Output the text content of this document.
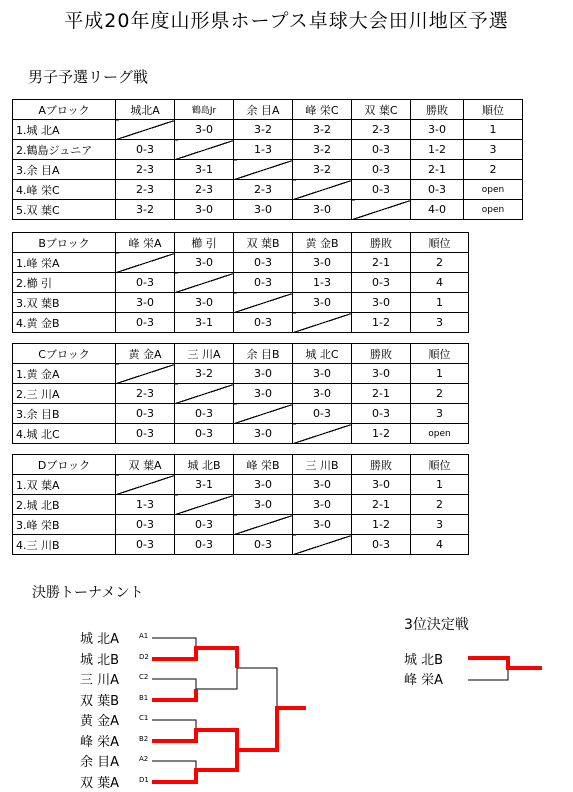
平成20年度山形県ホープス卓球大会田川地区予選
男子予選リーグ戦
Aブロック	城北A	鶴島Jr	余 目A	峰 栄C	双 葉C	勝敗	順位
1.城 北A		3-0	3-2	3-2	2-3	3-0	1
2.鶴島ジュニア	0-3		1-3	3-2	0-3	1-2	3
3.余 目A	2-3	3-1		3-2	0-3	2-1	2
4.峰 栄C	2-3	2-3	2-3		0-3	0-3	open
5.双 葉C	3-2	3-0	3-0	3-0		4-0	open
Bブロック	峰 栄A	櫛 引	双 葉B	黄 金B	勝敗	順位
1.峰 栄A		3-0	0-3	3-0	2-1	2
2.櫛 引	0-3		0-3	1-3	0-3	4
3.双 葉B	3-0	3-0		3-0	3-0	1
4.黄 金B	0-3	3-1	0-3		1-2	3
Cブロック	黄 金A	三 川A	余 目B	城 北C	勝敗	順位
1.黄 金A		3-2	3-0	3-0	3-0	1
2.三 川A	2-3		3-0	3-0	2-1	2
3.余 目B	0-3	0-3		0-3	0-3	3
4.城 北C	0-3	0-3	3-0		1-2	open
Dブロック	双 葉A	城 北B	峰 栄B	三 川B	勝敗	順位
1.双 葉A		3-1	3-0	3-0	3-0	1
2.城 北B	1-3		3-0	3-0	2-1	2
3.峰 栄B	0-3	0-3		3-0	1-2	3
4.三 川B	0-3	0-3	0-3		0-3	4
決勝トーナメント
3位決定戦
城 北A
城 北B
三 川A
双 葉B
黄 金A
峰 栄A
余 目A
双 葉A
A1
D2
C2
B1
C1
B2
A2
D1
城 北B
峰 栄A
